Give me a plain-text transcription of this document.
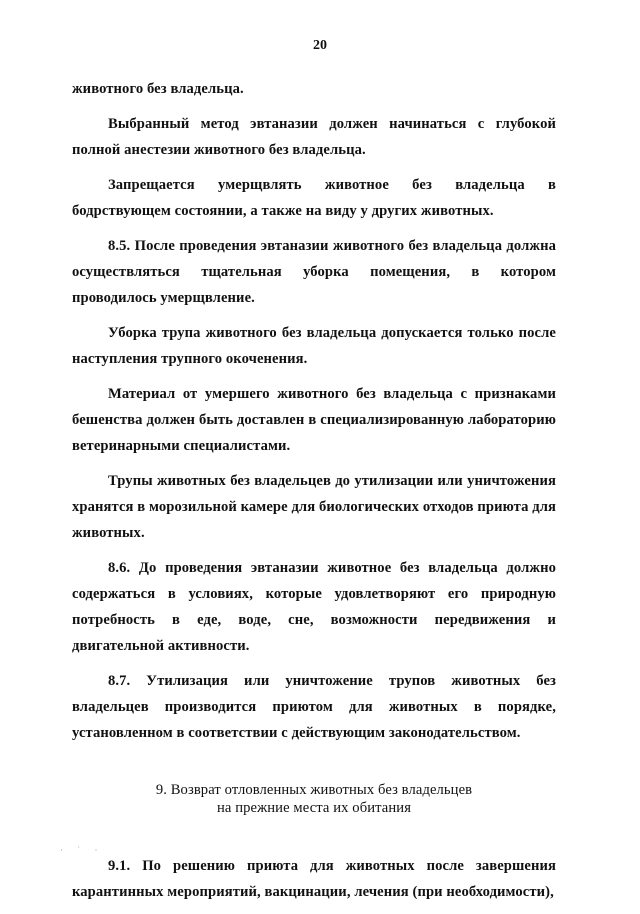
20

животного без владельца.

Выбранный метод эвтаназии должен начинаться с глубокой полной анестезии животного без владельца.

Запрещается умерщвлять животное без владельца в бодрствующем состоянии, а также на виду у других животных.

8.5. После проведения эвтаназии животного без владельца должна осуществляться тщательная уборка помещения, в котором проводилось умерщвление.

Уборка трупа животного без владельца допускается только после наступления трупного окоченения.

Материал от умершего животного без владельца с признаками бешенства должен быть доставлен в специализированную лабораторию ветеринарными специалистами.

Трупы животных без владельцев до утилизации или уничтожения хранятся в морозильной камере для биологических отходов приюта для животных.

8.6. До проведения эвтаназии животное без владельца должно содержаться в условиях, которые удовлетворяют его природную потребность в еде, воде, сне, возможности передвижения и двигательной активности.

8.7. Утилизация или уничтожение трупов животных без владельцев производится приютом для животных в порядке, установленном в соответствии с действующим законодательством.

9. Возврат отловленных животных без владельцев
на прежние места их обитания

9.1. По решению приюта для животных после завершения карантинных мероприятий, вакцинации, лечения (при необходимости),

· ˙ ·
